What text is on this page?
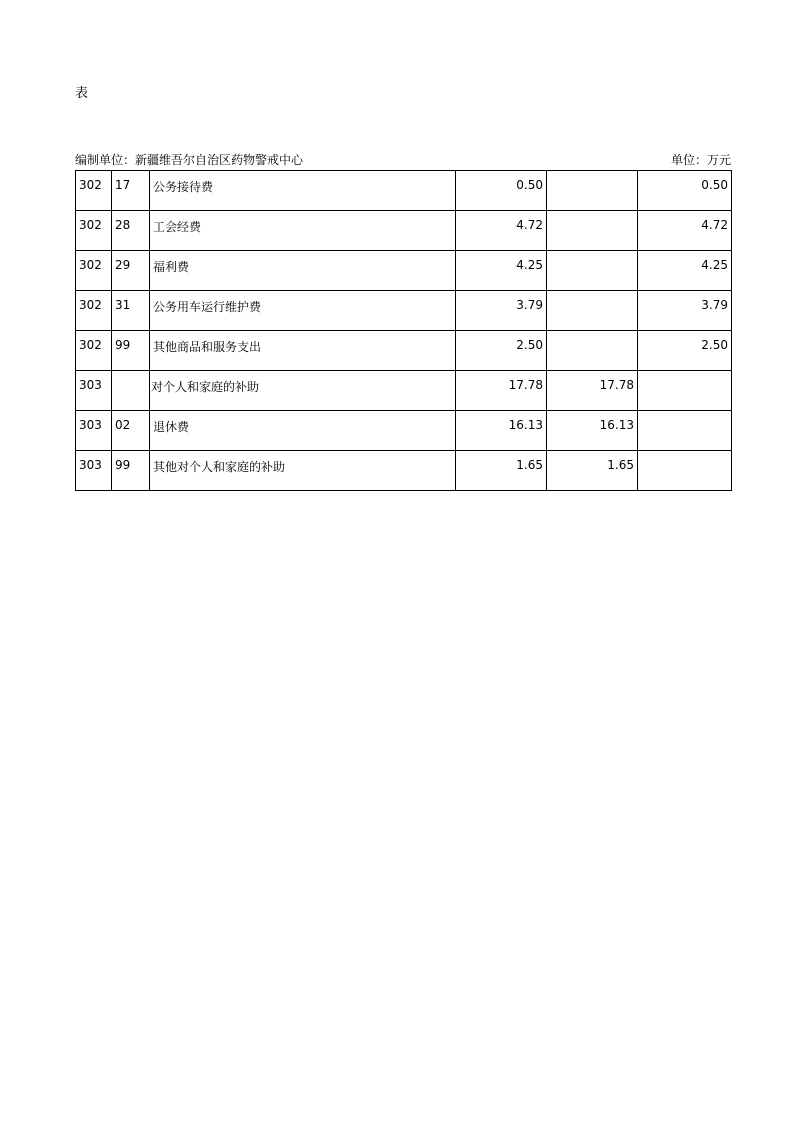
表
编制单位：新疆维吾尔自治区药物警戒中心	单位：万元
302	17	公务接待费	0.50		0.50
302	28	工会经费	4.72		4.72
302	29	福利费	4.25		4.25
302	31	公务用车运行维护费	3.79		3.79
302	99	其他商品和服务支出	2.50		2.50
303		对个人和家庭的补助	17.78	17.78	
303	02	退休费	16.13	16.13	
303	99	其他对个人和家庭的补助	1.65	1.65	
